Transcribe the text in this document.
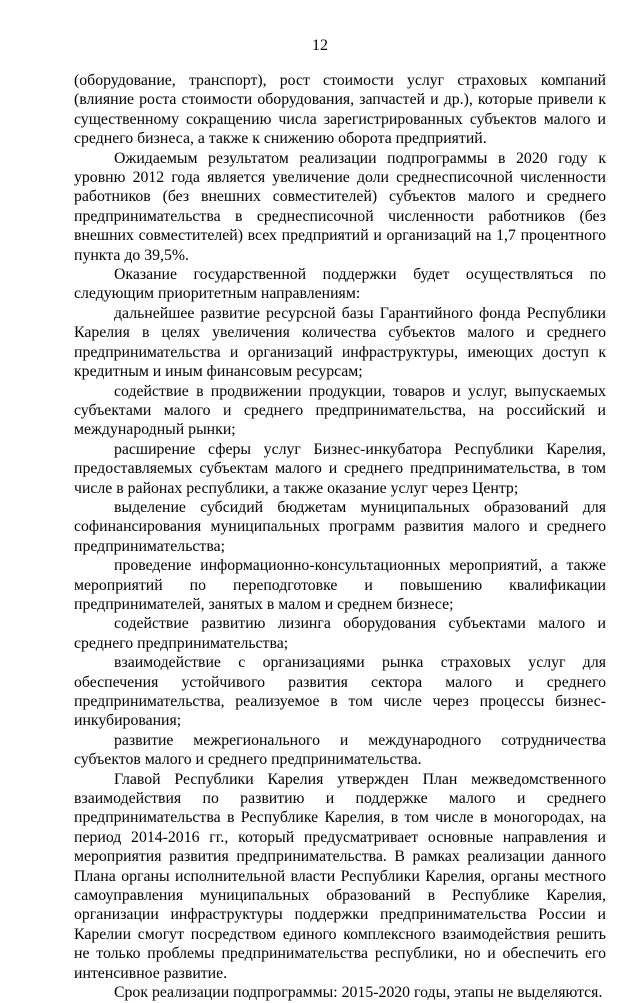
12

(оборудование, транспорт), рост стоимости услуг страховых компаний (влияние роста стоимости оборудования, запчастей и др.), которые привели к существенному сокращению числа зарегистрированных субъектов малого и среднего бизнеса, а также к снижению оборота предприятий.

Ожидаемым результатом реализации подпрограммы в 2020 году к уровню 2012 года является увеличение доли среднесписочной численности работников (без внешних совместителей) субъектов малого и среднего предпринимательства в среднесписочной численности работников (без внешних совместителей) всех предприятий и организаций на 1,7 процентного пункта до 39,5%.

Оказание государственной поддержки будет осуществляться по следующим приоритетным направлениям:

дальнейшее развитие ресурсной базы Гарантийного фонда Республики Карелия в целях увеличения количества субъектов малого и среднего предпринимательства и организаций инфраструктуры, имеющих доступ к кредитным и иным финансовым ресурсам;

содействие в продвижении продукции, товаров и услуг, выпускаемых субъектами малого и среднего предпринимательства, на российский и международный рынки;

расширение сферы услуг Бизнес-инкубатора Республики Карелия, предоставляемых субъектам малого и среднего предпринимательства, в том числе в районах республики, а также оказание услуг через Центр;

выделение субсидий бюджетам муниципальных образований для софинансирования муниципальных программ развития малого и среднего предпринимательства;

проведение информационно-консультационных мероприятий, а также мероприятий по переподготовке и повышению квалификации предпринимателей, занятых в малом и среднем бизнесе;

содействие развитию лизинга оборудования субъектами малого и среднего предпринимательства;

взаимодействие с организациями рынка страховых услуг для обеспечения устойчивого развития сектора малого и среднего предпринимательства, реализуемое в том числе через процессы бизнес-инкубирования;

развитие межрегионального и международного сотрудничества субъектов малого и среднего предпринимательства.

Главой Республики Карелия утвержден План межведомственного взаимодействия по развитию и поддержке малого и среднего предпринимательства в Республике Карелия, в том числе в моногородах, на период 2014-2016 гг., который предусматривает основные направления и мероприятия развития предпринимательства. В рамках реализации данного Плана органы исполнительной власти Республики Карелия, органы местного самоуправления муниципальных образований в Республике Карелия, организации инфраструктуры поддержки предпринимательства России и Карелии смогут посредством единого комплексного взаимодействия решить не только проблемы предпринимательства республики, но и обеспечить его интенсивное развитие.

Срок реализации подпрограммы: 2015-2020 годы, этапы не выделяются.
